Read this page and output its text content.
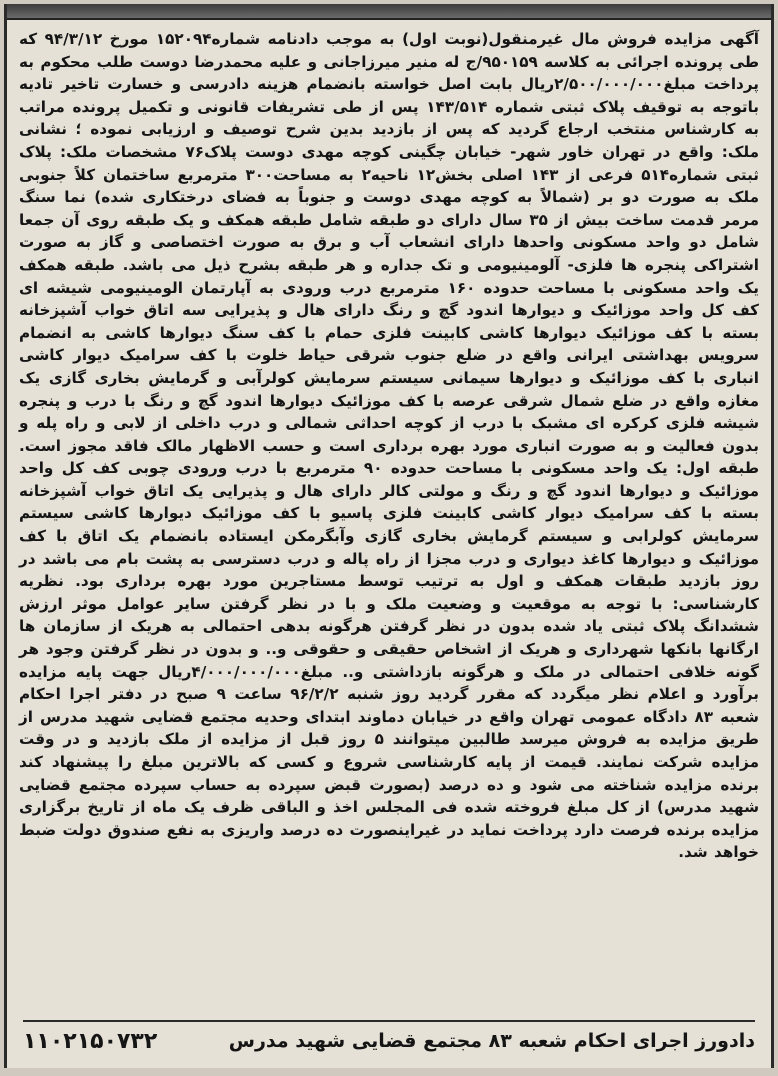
آگهی مزایده فروش مال غیرمنقول(نوبت اول) به موجب دادنامه شماره۱۵۲۰۹۴ مورخ ۹۴/۳/۱۲ که طی پرونده اجرائی به کلاسه ۹۵۰۱۵۹/ج له منیر میرزاجانی و علیه محمدرضا دوست طلب محکوم به پرداخت مبلغ۲/۵۰۰/۰۰۰/۰۰۰ریال بابت اصل خواسته بانضمام هزینه دادرسی و خسارت تاخیر تادیه باتوجه به توقیف پلاک ثبتی شماره ۱۴۳/۵۱۴ پس از طی تشریفات قانونی و تکمیل پرونده مراتب به کارشناس منتخب ارجاع گردید که پس از بازدید بدین شرح توصیف و ارزیابی نموده ؛ نشانی ملک: واقع در تهران خاور شهر- خیابان چگینی کوچه مهدی دوست پلاک۷۶ مشخصات ملک: پلاک ثبتی شماره۵۱۴ فرعی از ۱۴۳ اصلی بخش۱۲ ناحیه۲ به مساحت۳۰۰ مترمربع ساختمان کلاً جنوبی ملک به صورت دو بر (شمالاً به کوچه مهدی دوست و جنوباً به فضای درختکاری شده) نما سنگ مرمر قدمت ساخت بیش از ۳۵ سال دارای دو طبقه شامل طبقه همکف و یک طبقه روی آن جمعا شامل دو واحد مسکونی واحدها دارای انشعاب آب و برق به صورت اختصاصی و گاز به صورت اشتراکی پنجره ها فلزی- آلومینیومی و تک جداره و هر طبقه بشرح ذیل می باشد. طبقه همکف یک واحد مسکونی با مساحت حدوده ۱۶۰ مترمربع درب ورودی به آپارتمان الومینیومی شیشه ای کف کل واحد موزائیک و دیوارها اندود گچ و رنگ دارای هال و پذیرایی سه اتاق خواب آشپزخانه بسته با کف موزائیک دیوارها کاشی کابینت فلزی حمام با کف سنگ دیوارها کاشی به انضمام سرویس بهداشتی ایرانی واقع در ضلع جنوب شرقی حیاط خلوت با کف سرامیک دیوار کاشی انباری با کف موزائیک و دیوارها سیمانی سیستم سرمایش کولرآبی و گرمایش بخاری گازی یک مغازه واقع در ضلع شمال شرقی عرصه با کف موزائیک دیوارها اندود گچ و رنگ با درب و پنجره شیشه فلزی کرکره ای مشبک با درب از کوچه احداثی شمالی و درب داخلی از لابی و راه پله و بدون فعالیت و به صورت انباری مورد بهره برداری است و حسب الاظهار مالک فاقد مجوز است. طبقه اول: یک واحد مسکونی با مساحت حدوده ۹۰ مترمربع با درب ورودی چوبی کف کل واحد موزائیک و دیوارها اندود گچ و رنگ و مولتی کالر دارای هال و پذیرایی یک اتاق خواب آشپزخانه بسته با کف سرامیک دیوار کاشی کابینت فلزی پاسیو با کف موزائیک دیوارها کاشی سیستم سرمایش کولرابی و سیستم گرمایش بخاری گازی وآبگرمکن ایستاده بانضمام یک اتاق با کف موزائیک و دیوارها کاغذ دیواری و درب مجزا از راه پاله و درب دسترسی به پشت بام می باشد در روز بازدید طبقات همکف و اول به ترتیب توسط مستاجرین مورد بهره برداری بود. نظریه کارشناسی: با توجه به موقعیت و وضعیت ملک و با در نظر گرفتن سایر عوامل موثر ارزش ششدانگ پلاک ثبتی یاد شده بدون در نظر گرفتن هرگونه بدهی احتمالی به هریک از سازمان ها ارگانها بانکها شهرداری و هریک از اشخاص حقیقی و حقوقی و.. و بدون در نظر گرفتن وجود هر گونه خلافی احتمالی در ملک و هرگونه بازداشتی و.. مبلغ۴/۰۰۰/۰۰۰/۰۰۰ریال جهت پایه مزایده برآورد و اعلام نظر میگردد که مقرر گردید روز شنبه ۹۶/۲/۲ ساعت ۹ صبح در دفتر اجرا احکام شعبه ۸۳ دادگاه عمومی تهران واقع در خیابان دماوند ابتدای وحدیه مجتمع قضایی شهید مدرس از طریق مزایده به فروش میرسد طالبین میتوانند ۵ روز قبل از مزایده از ملک بازدید و در وقت مزایده شرکت نمایند. قیمت از پایه کارشناسی شروع و کسی که بالاترین مبلغ را پیشنهاد کند برنده مزایده شناخته می شود و ده درصد (بصورت قبض سپرده به حساب سپرده مجتمع قضایی شهید مدرس) از کل مبلغ فروخته شده فی المجلس اخذ و الباقی ظرف یک ماه از تاریخ برگزاری مزایده برنده فرصت دارد پرداخت نماید در غیراینصورت ده درصد واریزی به نفع صندوق دولت ضبط خواهد شد.

دادورز اجرای احکام شعبه ۸۳ مجتمع قضایی شهید مدرس
۱۱۰۲۱۵۰۷۳۲
